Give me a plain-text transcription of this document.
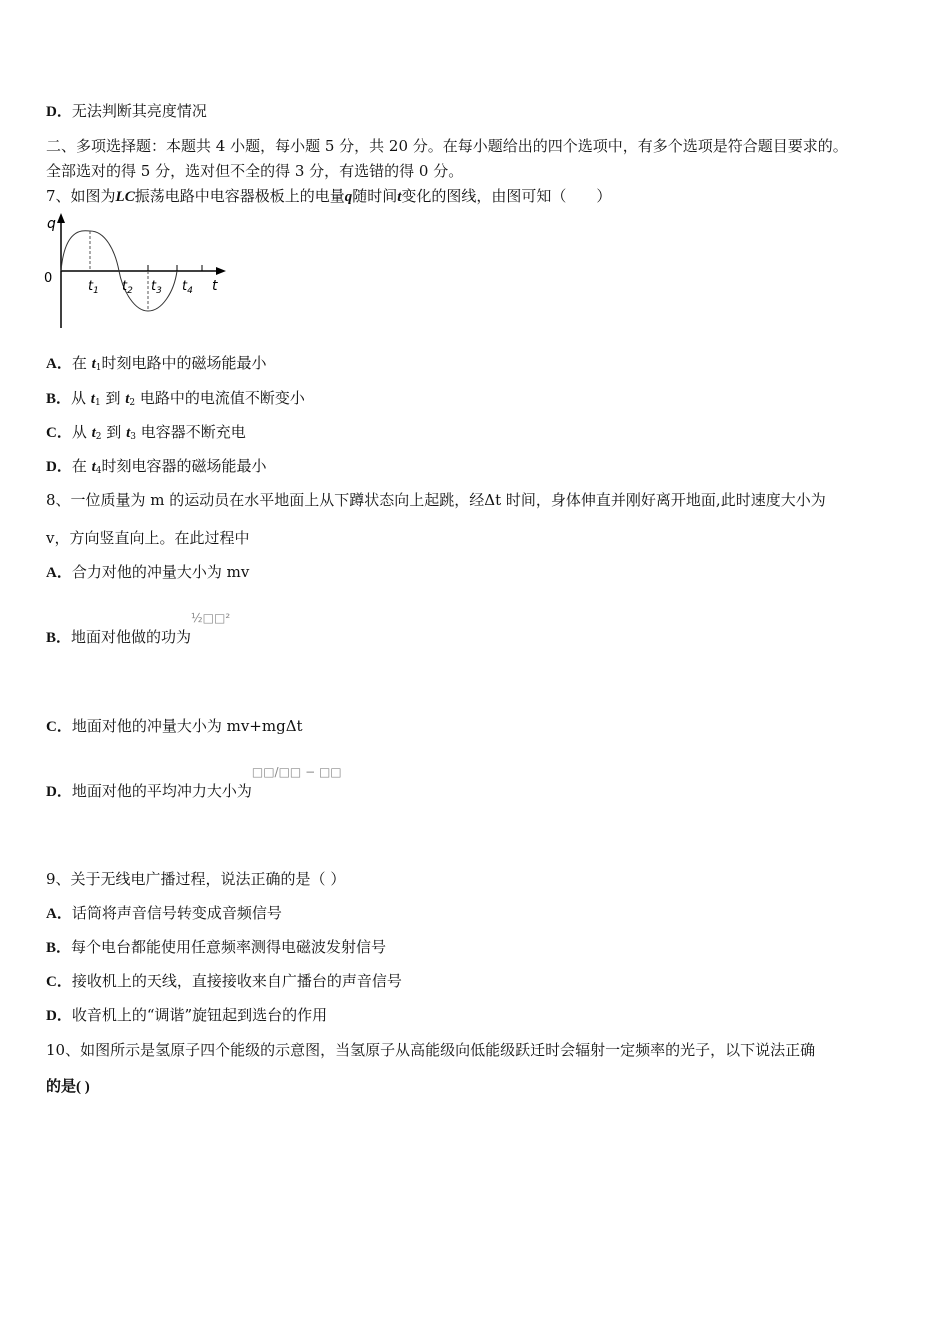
D．无法判断其亮度情况
二、多项选择题：本题共 4 小题，每小题 5 分，共 20 分。在每小题给出的四个选项中，有多个选项是符合题目要求的。
全部选对的得 5 分，选对但不全的得 3 分，有选错的得 0 分。
7、如图为LC振荡电路中电容器极板上的电量q随时间t变化的图线，由图可知（　　）
q
0	t
$t_1$ $t_2$ $t_3$ $t_4$
A．在 $t_1$时刻电路中的磁场能最小
B．从 $t_1$ 到 $t_2$ 电路中的电流值不断变小
C．从 $t_2$ 到 $t_3$ 电容器不断充电
D．在 $t_4$时刻电容器的磁场能最小
8、一位质量为 m 的运动员在水平地面上从下蹲状态向上起跳，经Δt 时间，身体伸直并刚好离开地面,此时速度大小为
v，方向竖直向上。在此过程中
A．合力对他的冲量大小为 mv
B．地面对他做的功为$^{\frac{1}{2}□□^2}$
C．地面对他的冲量大小为 mv+mgΔt
D．地面对他的平均冲力大小为□□/□□ − □□
9、关于无线电广播过程，说法正确的是（ ）
A．话筒将声音信号转变成音频信号
B．每个电台都能使用任意频率测得电磁波发射信号
C．接收机上的天线，直接接收来自广播台的声音信号
D．收音机上的“调谐”旋钮起到选台的作用
10、如图所示是氢原子四个能级的示意图，当氢原子从高能级向低能级跃迁时会辐射一定频率的光子，以下说法正确
的是( )
